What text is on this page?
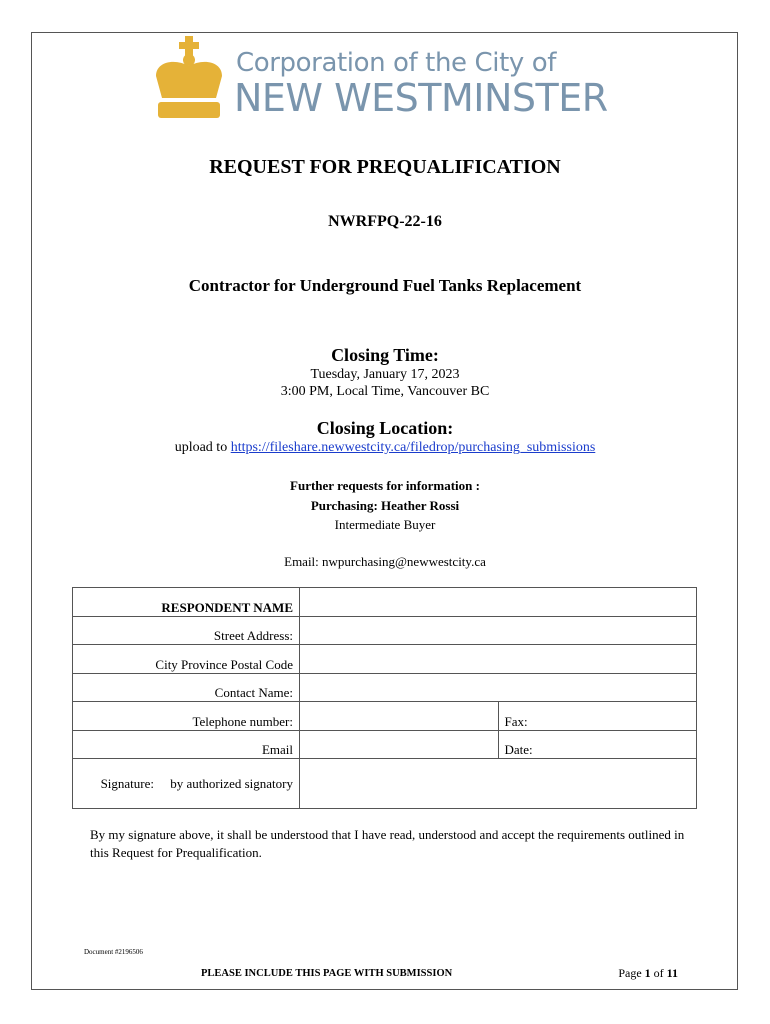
Corporation of the City of
NEW WESTMINSTER
REQUEST FOR PREQUALIFICATION
NWRFPQ-22-16
Contractor for Underground Fuel Tanks Replacement
Closing Time:
Tuesday, January 17, 2023
3:00 PM, Local Time, Vancouver BC
Closing Location:
upload to https://fileshare.newwestcity.ca/filedrop/purchasing_submissions
Further requests for information :
Purchasing: Heather Rossi
Intermediate Buyer
Email: nwpurchasing@newwestcity.ca
RESPONDENT NAME		
Street Address:		
City Province Postal Code		
Contact Name:		
Telephone number:		Fax:
Email		Date:
Signature:     by authorized signatory		
By my signature above, it shall be understood that I have read, understood and accept the requirements outlined in this Request for Prequalification.
Document #2196506
PLEASE INCLUDE THIS PAGE WITH SUBMISSION	Page 1 of 11
